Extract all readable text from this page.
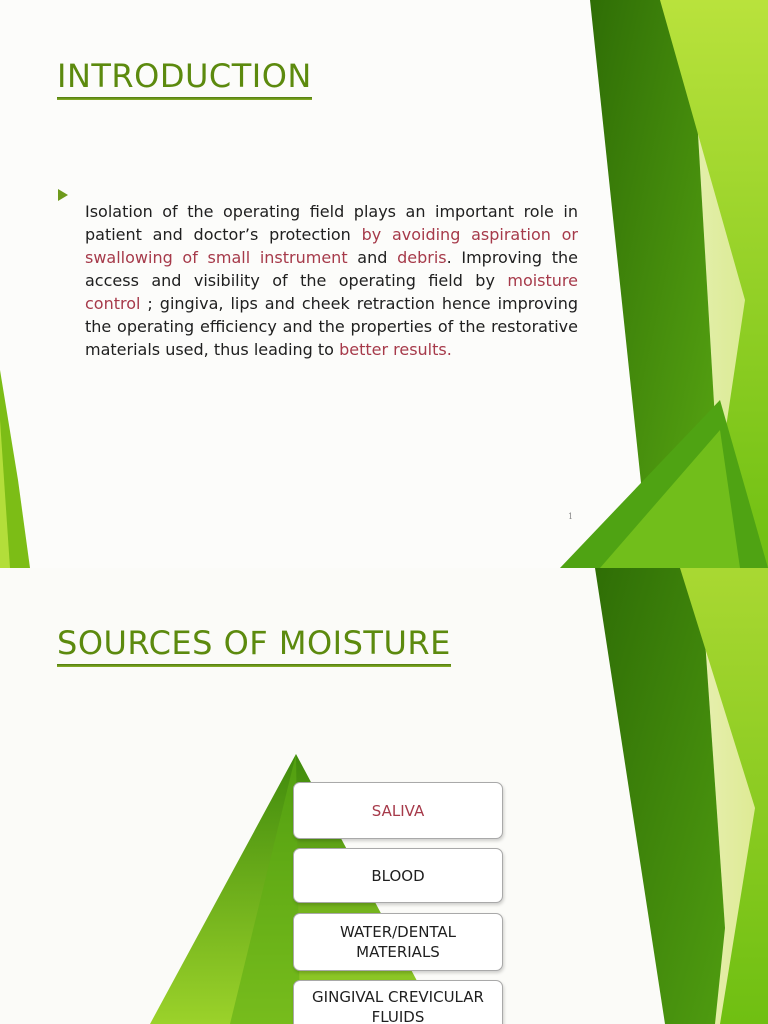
INTRODUCTION

Isolation of the operating field plays an important role in patient and doctor’s protection by avoiding aspiration or swallowing of small instrument and debris. Improving the access and visibility of the operating field by moisture control ; gingiva, lips and cheek retraction hence improving the operating efficiency and the properties of the restorative materials used, thus leading to better results.

1
SOURCES OF MOISTURE
SALIVA
BLOOD
WATER/DENTAL MATERIALS
GINGIVAL CREVICULAR FLUIDS
